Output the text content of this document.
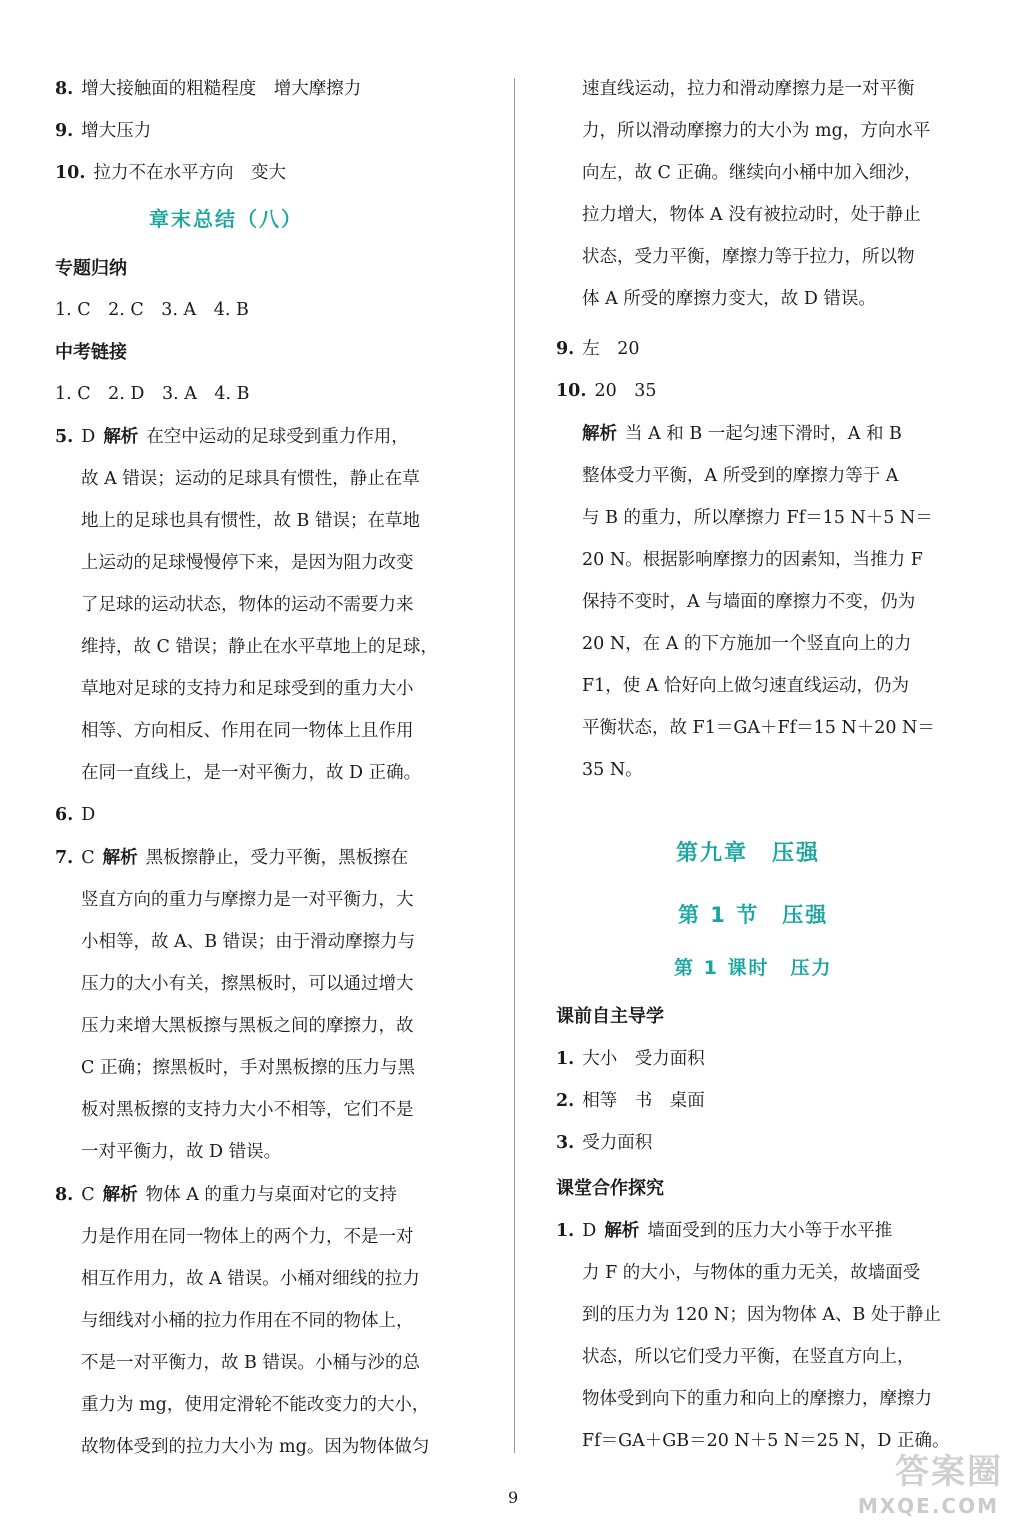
8. 增大接触面的粗糙程度　增大摩擦力
9. 增大压力
10. 拉力不在水平方向　变大
章末总结（八）
专题归纳
1. C　2. C　3. A　4. B
中考链接
1. C　2. D　3. A　4. B
5. D 解析 在空中运动的足球受到重力作用，
故 A 错误；运动的足球具有惯性，静止在草
地上的足球也具有惯性，故 B 错误；在草地
上运动的足球慢慢停下来，是因为阻力改变
了足球的运动状态，物体的运动不需要力来
维持，故 C 错误；静止在水平草地上的足球，
草地对足球的支持力和足球受到的重力大小
相等、方向相反、作用在同一物体上且作用
在同一直线上，是一对平衡力，故 D 正确。
6. D
7. C 解析 黑板擦静止，受力平衡，黑板擦在
竖直方向的重力与摩擦力是一对平衡力，大
小相等，故 A、B 错误；由于滑动摩擦力与
压力的大小有关，擦黑板时，可以通过增大
压力来增大黑板擦与黑板之间的摩擦力，故
C 正确；擦黑板时，手对黑板擦的压力与黑
板对黑板擦的支持力大小不相等，它们不是
一对平衡力，故 D 错误。
8. C 解析 物体 A 的重力与桌面对它的支持
力是作用在同一物体上的两个力，不是一对
相互作用力，故 A 错误。小桶对细线的拉力
与细线对小桶的拉力作用在不同的物体上，
不是一对平衡力，故 B 错误。小桶与沙的总
重力为 mg，使用定滑轮不能改变力的大小，
故物体受到的拉力大小为 mg。因为物体做匀
速直线运动，拉力和滑动摩擦力是一对平衡
力，所以滑动摩擦力的大小为 mg，方向水平
向左，故 C 正确。继续向小桶中加入细沙，
拉力增大，物体 A 没有被拉动时，处于静止
状态，受力平衡，摩擦力等于拉力，所以物
体 A 所受的摩擦力变大，故 D 错误。
9. 左　20
10. 20　35
解析 当 A 和 B 一起匀速下滑时，A 和 B
整体受力平衡，A 所受到的摩擦力等于 A
与 B 的重力，所以摩擦力 Ff＝15 N＋5 N＝
20 N。根据影响摩擦力的因素知，当推力 F
保持不变时，A 与墙面的摩擦力不变，仍为
20 N，在 A 的下方施加一个竖直向上的力
F1，使 A 恰好向上做匀速直线运动，仍为
平衡状态，故 F1＝GA＋Ff＝15 N＋20 N＝
35 N。
第九章　压强
第 1 节　压强
第 1 课时　压力
课前自主导学
1. 大小　受力面积
2. 相等　书　桌面
3. 受力面积
课堂合作探究
1. D 解析 墙面受到的压力大小等于水平推
力 F 的大小，与物体的重力无关，故墙面受
到的压力为 120 N；因为物体 A、B 处于静止
状态，所以它们受力平衡，在竖直方向上，
物体受到向下的重力和向上的摩擦力，摩擦力
Ff＝GA＋GB＝20 N＋5 N＝25 N，D 正确。
9
答案圈
MXQE.COM
